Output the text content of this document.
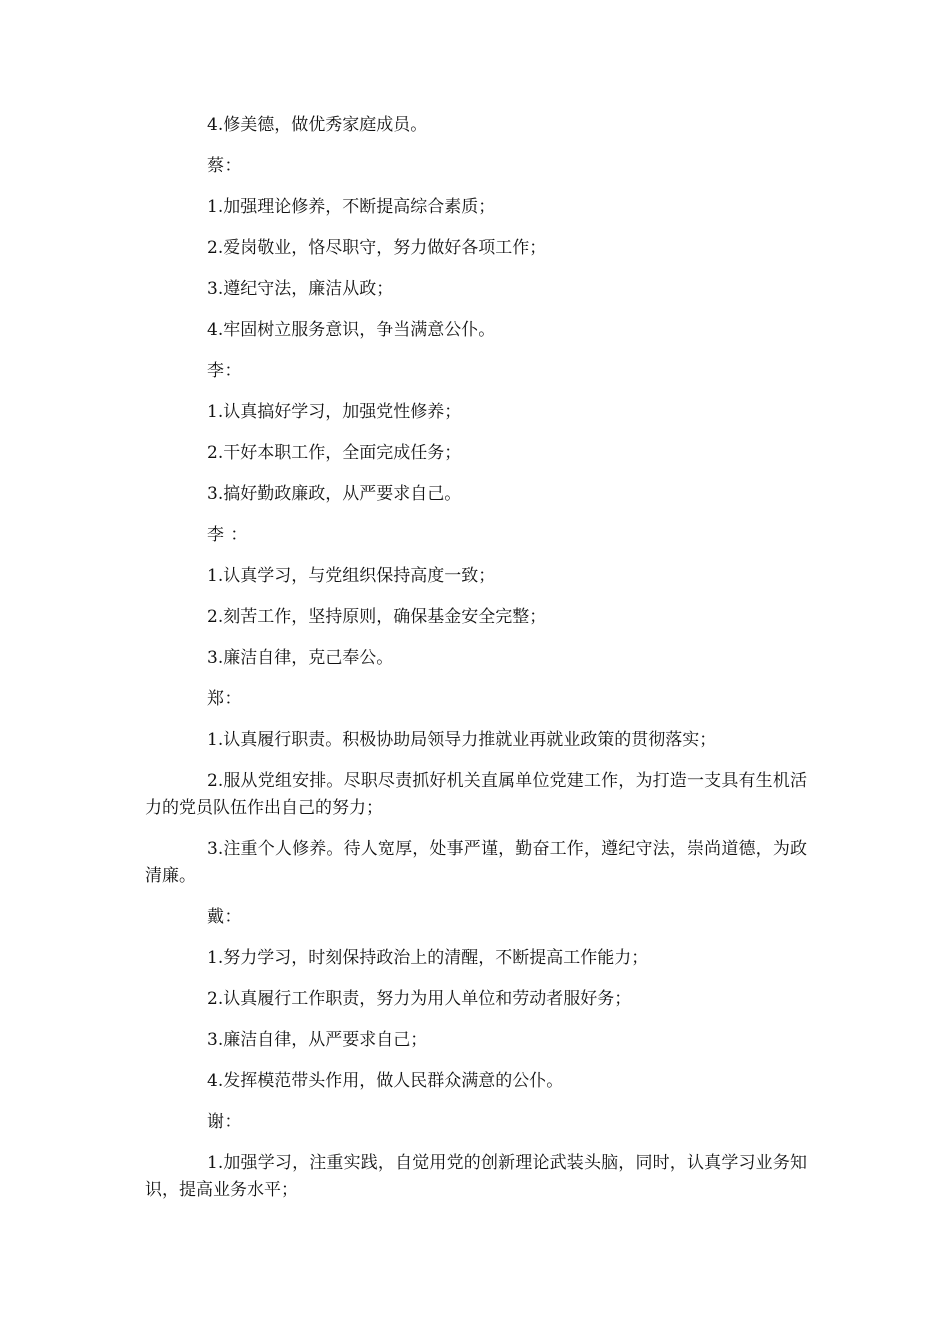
4.修美德，做优秀家庭成员。

蔡：

1.加强理论修养，不断提高综合素质；

2.爱岗敬业，恪尽职守，努力做好各项工作；

3.遵纪守法，廉洁从政；

4.牢固树立服务意识，争当满意公仆。

李：

1.认真搞好学习，加强党性修养；

2.干好本职工作，全面完成任务；

3.搞好勤政廉政，从严要求自己。

李 ：

1.认真学习，与党组织保持高度一致；

2.刻苦工作，坚持原则，确保基金安全完整；

3.廉洁自律，克己奉公。

郑：

1.认真履行职责。积极协助局领导力推就业再就业政策的贯彻落实；

2.服从党组安排。尽职尽责抓好机关直属单位党建工作，为打造一支具有生机活力的党员队伍作出自己的努力；

3.注重个人修养。待人宽厚，处事严谨，勤奋工作，遵纪守法，崇尚道德，为政清廉。

戴：

1.努力学习，时刻保持政治上的清醒，不断提高工作能力；

2.认真履行工作职责，努力为用人单位和劳动者服好务；

3.廉洁自律，从严要求自己；

4.发挥模范带头作用，做人民群众满意的公仆。

谢：

1.加强学习，注重实践，自觉用党的创新理论武装头脑，同时，认真学习业务知识，提高业务水平；
